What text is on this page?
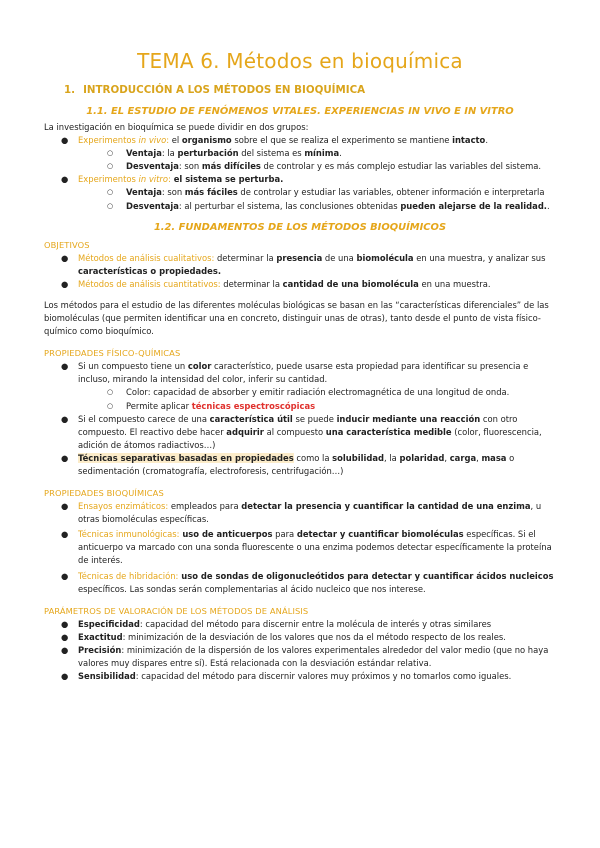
TEMA 6. Métodos en bioquímica
1. INTRODUCCIÓN A LOS MÉTODOS EN BIOQUÍMICA
1.1. EL ESTUDIO DE FENÓMENOS VITALES. EXPERIENCIAS IN VIVO E IN VITRO

La investigación en bioquímica se puede dividir en dos grupos:

● Experimentos in vivo: el organismo sobre el que se realiza el experimento se mantiene intacto.
○ Ventaja: la perturbación del sistema es mínima.
○ Desventaja: son más difíciles de controlar y es más complejo estudiar las variables del sistema.
● Experimentos in vitro: el sistema se perturba.
○ Ventaja: son más fáciles de controlar y estudiar las variables, obtener información e interpretarla
○ Desventaja: al perturbar el sistema, las conclusiones obtenidas pueden alejarse de la realidad..
1.2. FUNDAMENTOS DE LOS MÉTODOS BIOQUÍMICOS
OBJETIVOS
● Métodos de análisis cualitativos: determinar la presencia de una biomolécula en una muestra, y analizar sus características o propiedades.
● Métodos de análisis cuantitativos: determinar la cantidad de una biomolécula en una muestra.

Los métodos para el estudio de las diferentes moléculas biológicas se basan en las “características diferenciales” de las biomoléculas (que permiten identificar una en concreto, distinguir unas de otras), tanto desde el punto de vista físico-químico como bioquímico.

PROPIEDADES FÍSICO-QUÍMICAS
● Si un compuesto tiene un color característico, puede usarse esta propiedad para identificar su presencia e incluso, mirando la intensidad del color, inferir su cantidad.
○ Color: capacidad de absorber y emitir radiación electromagnética de una longitud de onda.
○ Permite aplicar técnicas espectroscópicas
● Si el compuesto carece de una característica útil se puede inducir mediante una reacción con otro compuesto. El reactivo debe hacer adquirir al compuesto una característica medible (color, fluorescencia, adición de átomos radiactivos…)
● Técnicas separativas basadas en propiedades como la solubilidad, la polaridad, carga, masa o sedimentación (cromatografía, electroforesis, centrifugación…)
PROPIEDADES BIOQUÍMICAS
● Ensayos enzimáticos: empleados para detectar la presencia y cuantificar la cantidad de una enzima, u otras biomoléculas específicas.
● Técnicas inmunológicas: uso de anticuerpos para detectar y cuantificar biomoléculas específicas. Si el anticuerpo va marcado con una sonda fluorescente o una enzima podemos detectar específicamente la proteína de interés.
● Técnicas de hibridación: uso de sondas de oligonucleótidos para detectar y cuantificar ácidos nucleicos específicos. Las sondas serán complementarias al ácido nucleico que nos interese.
PARÁMETROS DE VALORACIÓN DE LOS MÉTODOS DE ANÁLISIS
● Especificidad: capacidad del método para discernir entre la molécula de interés y otras similares
● Exactitud: minimización de la desviación de los valores que nos da el método respecto de los reales.
● Precisión: minimización de la dispersión de los valores experimentales alrededor del valor medio (que no haya valores muy dispares entre sí). Está relacionada con la desviación estándar relativa.
● Sensibilidad: capacidad del método para discernir valores muy próximos y no tomarlos como iguales.
